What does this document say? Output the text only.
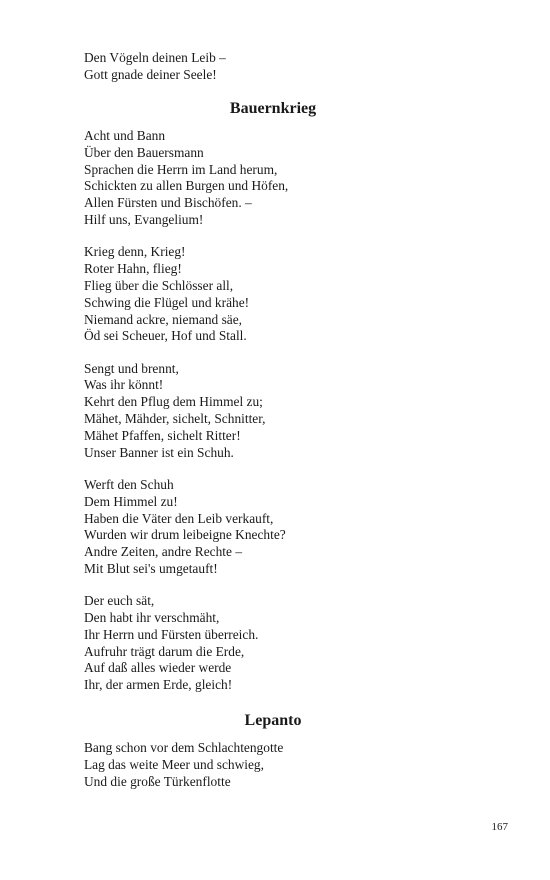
Den Vögeln deinen Leib –
Gott gnade deiner Seele!
Bauernkrieg
Acht und Bann
Über den Bauersmann
Sprachen die Herrn im Land herum,
Schickten zu allen Burgen und Höfen,
Allen Fürsten und Bischöfen. –
Hilf uns, Evangelium!
Krieg denn, Krieg!
Roter Hahn, flieg!
Flieg über die Schlösser all,
Schwing die Flügel und krähe!
Niemand ackre, niemand säe,
Öd sei Scheuer, Hof und Stall.
Sengt und brennt,
Was ihr könnt!
Kehrt den Pflug dem Himmel zu;
Mähet, Mähder, sichelt, Schnitter,
Mähet Pfaffen, sichelt Ritter!
Unser Banner ist ein Schuh.
Werft den Schuh
Dem Himmel zu!
Haben die Väter den Leib verkauft,
Wurden wir drum leibeigne Knechte?
Andre Zeiten, andre Rechte –
Mit Blut sei's umgetauft!
Der euch sät,
Den habt ihr verschmäht,
Ihr Herrn und Fürsten überreich.
Aufruhr trägt darum die Erde,
Auf daß alles wieder werde
Ihr, der armen Erde, gleich!
Lepanto
Bang schon vor dem Schlachtengotte
Lag das weite Meer und schwieg,
Und die große Türkenflotte
167
